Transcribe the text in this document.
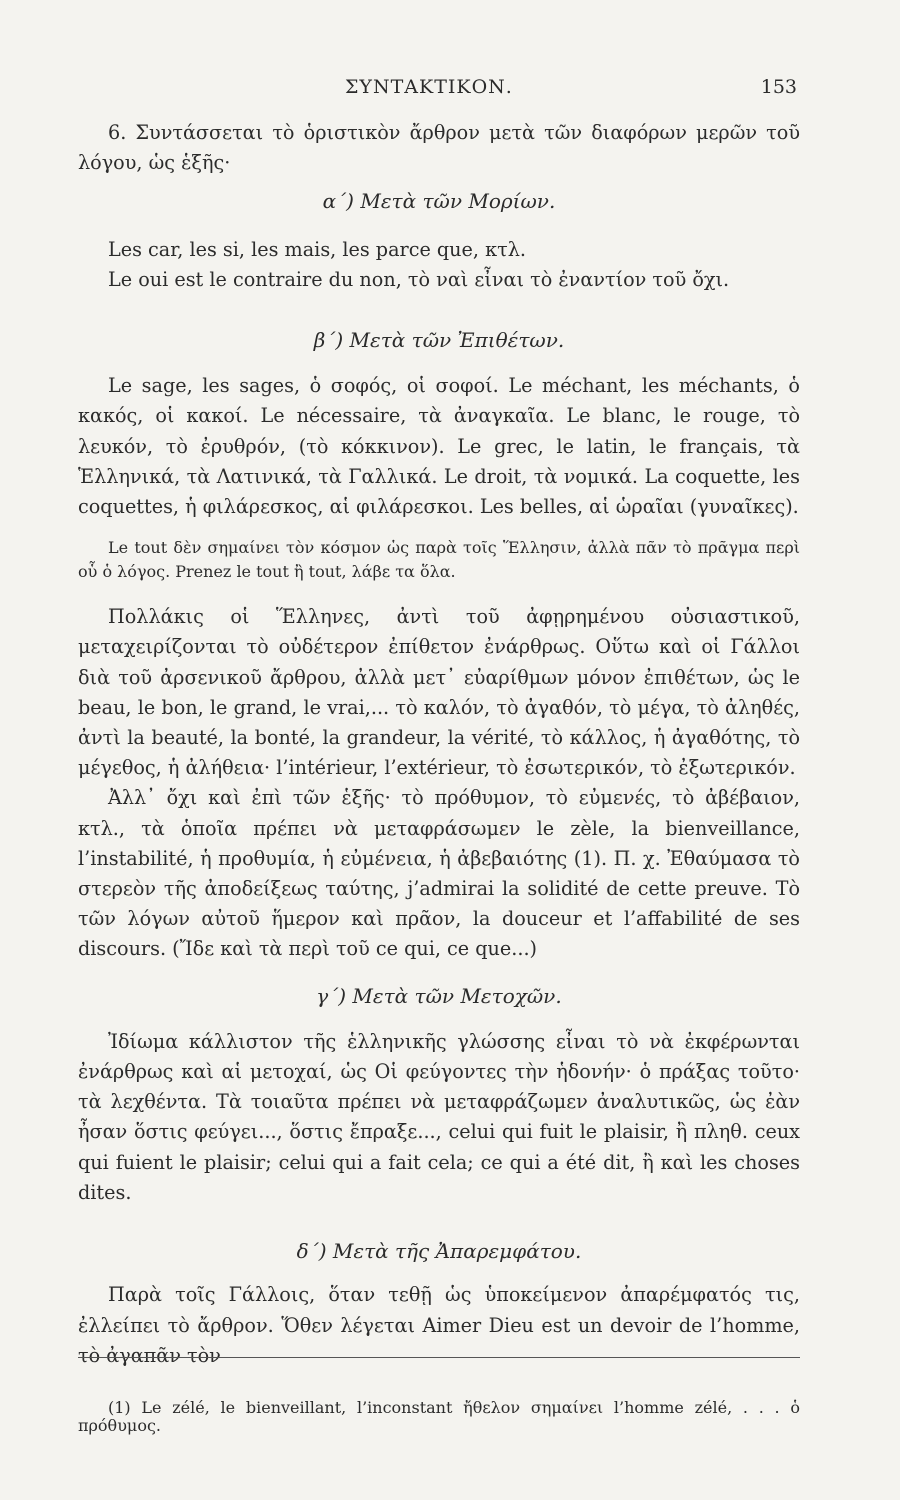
ΣΥΝΤΑΚΤΙΚΟΝ.	153

6. Συντάσσεται τὸ ὁριστικὸν ἄρθρον μετὰ τῶν διαφόρων μερῶν τοῦ λόγου, ὡς ἑξῆς·

α΄) Μετὰ τῶν Μορίων.

Les car, les si, les mais, les parce que, κτλ.

Le oui est le contraire du non, τὸ ναὶ εἶναι τὸ ἐναντίον τοῦ ὄχι.

β΄) Μετὰ τῶν Ἐπιθέτων.

Le sage, les sages, ὁ σοφός, οἱ σοφοί. Le méchant, les méchants, ὁ κακός, οἱ κακοί. Le nécessaire, τὰ ἀναγκαῖα. Le blanc, le rouge, τὸ λευκόν, τὸ ἐρυθρόν, (τὸ κόκκινον). Le grec, le latin, le français, τὰ Ἑλληνικά, τὰ Λατινικά, τὰ Γαλλικά. Le droit, τὰ νομικά. La coquette, les coquettes, ἡ φιλάρεσκος, αἱ φιλάρεσκοι. Les belles, αἱ ὡραῖαι (γυναῖκες).

Le tout δὲν σημαίνει τὸν κόσμον ὡς παρὰ τοῖς Ἕλλησιν, ἀλλὰ πᾶν τὸ πρᾶγμα περὶ οὗ ὁ λόγος. Prenez le tout ἢ tout, λάβε τα ὅλα.

Πολλάκις οἱ Ἕλληνες, ἀντὶ τοῦ ἀφῃρημένου οὐσιαστικοῦ, μεταχειρίζονται τὸ οὐδέτερον ἐπίθετον ἐνάρθρως. Οὕτω καὶ οἱ Γάλλοι διὰ τοῦ ἀρσενικοῦ ἄρθρου, ἀλλὰ μετ᾽ εὐαρίθμων μόνον ἐπιθέτων, ὡς le beau, le bon, le grand, le vrai,... τὸ καλόν, τὸ ἀγαθόν, τὸ μέγα, τὸ ἀληθές, ἀντὶ la beauté, la bonté, la grandeur, la vérité, τὸ κάλλος, ἡ ἀγαθότης, τὸ μέγεθος, ἡ ἀλήθεια· l’intérieur, l’extérieur, τὸ ἐσωτερικόν, τὸ ἐξωτερικόν.

Ἀλλ᾽ ὄχι καὶ ἐπὶ τῶν ἑξῆς· τὸ πρόθυμον, τὸ εὐμενές, τὸ ἀβέβαιον, κτλ., τὰ ὁποῖα πρέπει νὰ μεταφράσωμεν le zèle, la bienveillance, l’instabilité, ἡ προθυμία, ἡ εὐμένεια, ἡ ἀβεβαιότης (1). Π. χ. Ἐθαύμασα τὸ στερεὸν τῆς ἀποδείξεως ταύτης, j’admirai la solidité de cette preuve. Τὸ τῶν λόγων αὐτοῦ ἥμερον καὶ πρᾶον, la douceur et l’affabilité de ses discours. (Ἴδε καὶ τὰ περὶ τοῦ ce qui, ce que...)

γ΄) Μετὰ τῶν Μετοχῶν.

Ἰδίωμα κάλλιστον τῆς ἑλληνικῆς γλώσσης εἶναι τὸ νὰ ἐκφέρωνται ἐνάρθρως καὶ αἱ μετοχαί, ὡς Οἱ φεύγοντες τὴν ἡδονήν· ὁ πράξας τοῦτο· τὰ λεχθέντα. Τὰ τοιαῦτα πρέπει νὰ μεταφράζωμεν ἀναλυτικῶς, ὡς ἐὰν ἦσαν ὅστις φεύγει..., ὅστις ἔπραξε..., celui qui fuit le plaisir, ἢ πληθ. ceux qui fuient le plaisir; celui qui a fait cela; ce qui a été dit, ἢ καὶ les choses dites.

δ΄) Μετὰ τῆς Ἀπαρεμφάτου.

Παρὰ τοῖς Γάλλοις, ὅταν τεθῇ ὡς ὑποκείμενον ἀπαρέμφατός τις, ἐλλείπει τὸ ἄρθρον. Ὅθεν λέγεται Aimer Dieu est un devoir de l’homme, τὸ ἀγαπᾶν τὸν

(1) Le zélé, le bienveillant, l’inconstant ἤθελον σημαίνει l’homme zélé, . . . ὁ πρόθυμος.
